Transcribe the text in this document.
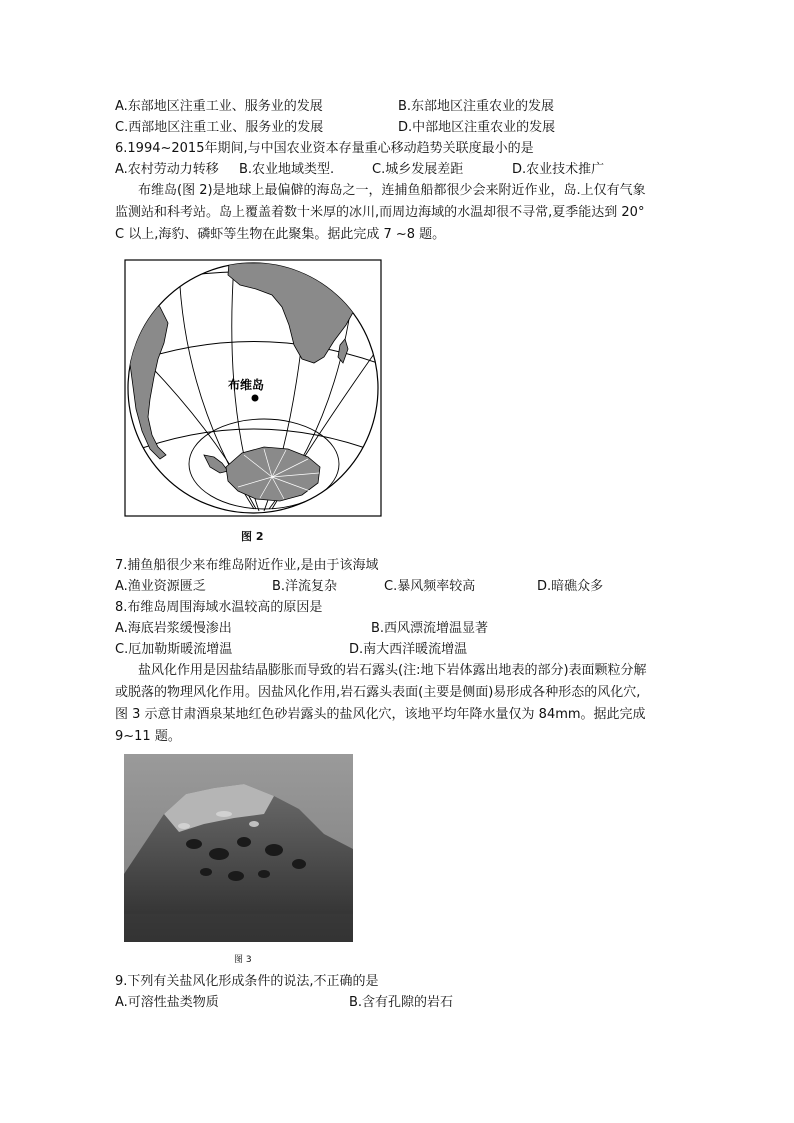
A.东部地区注重工业、服务业的发展	B.东部地区注重农业的发展
C.西部地区注重工业、服务业的发展	D.中部地区注重农业的发展
6.1994~2015年期间,与中国农业资本存量重心移动趋势关联度最小的是
A.农村劳动力转移 B.农业地域类型.	C.城乡发展差距	D.农业技术推广
布维岛(图 2)是地球上最偏僻的海岛之一，连捕鱼船都很少会来附近作业，岛.上仅有气象
监测站和科考站。岛上覆盖着数十米厚的冰川,而周边海域的水温却很不寻常,夏季能达到 20°
C 以上,海豹、磷虾等生物在此聚集。据此完成 7 ~8 题。
布维岛
图 2
7.捕鱼船很少来布维岛附近作业,是由于该海域
A.渔业资源匮乏	B.洋流复杂	C.暴风频率较高	D.暗礁众多
8.布维岛周围海域水温较高的原因是
A.海底岩浆缓慢渗出	B.西风漂流增温显著
C.厄加勒斯暖流增温	D.南大西洋暖流增温
盐风化作用是因盐结晶膨胀而导致的岩石露头(注:地下岩体露出地表的部分)表面颗粒分解
或脱落的物理风化作用。因盐风化作用,岩石露头表面(主要是侧面)易形成各种形态的风化穴,
图 3 示意甘肃酒泉某地红色砂岩露头的盐风化穴，该地平均年降水量仅为 84mm。据此完成
9~11 题。
图 3
9.下列有关盐风化形成条件的说法,不正确的是
A.可溶性盐类物质	B.含有孔隙的岩石
